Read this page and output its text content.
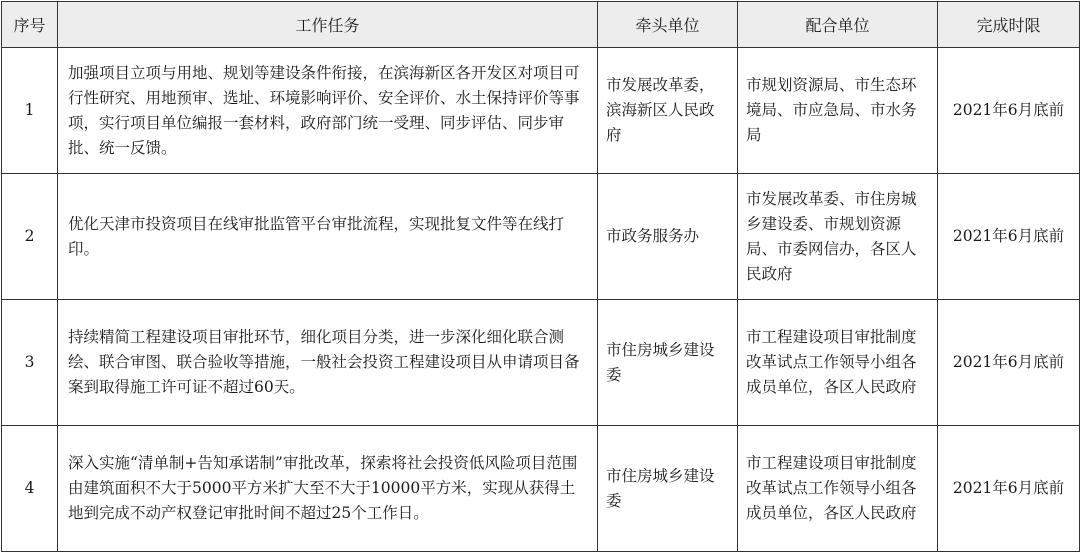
序号	工作任务	牵头单位	配合单位	完成时限
1	加强项目立项与用地、规划等建设条件衔接，在滨海新区各开发区对项目可行性研究、用地预审、选址、环境影响评价、安全评价、水土保持评价等事项，实行项目单位编报一套材料，政府部门统一受理、同步评估、同步审批、统一反馈。	市发展改革委，滨海新区人民政府	市规划资源局、市生态环境局、市应急局、市水务局	2021年6月底前
2	优化天津市投资项目在线审批监管平台审批流程，实现批复文件等在线打印。	市政务服务办	市发展改革委、市住房城乡建设委、市规划资源局、市委网信办，各区人民政府	2021年6月底前
3	持续精简工程建设项目审批环节，细化项目分类，进一步深化细化联合测绘、联合审图、联合验收等措施，一般社会投资工程建设项目从申请项目备案到取得施工许可证不超过60天。	市住房城乡建设委	市工程建设项目审批制度改革试点工作领导小组各成员单位，各区人民政府	2021年6月底前
4	深入实施“清单制+告知承诺制”审批改革，探索将社会投资低风险项目范围由建筑面积不大于5000平方米扩大至不大于10000平方米，实现从获得土地到完成不动产权登记审批时间不超过25个工作日。	市住房城乡建设委	市工程建设项目审批制度改革试点工作领导小组各成员单位，各区人民政府	2021年6月底前
